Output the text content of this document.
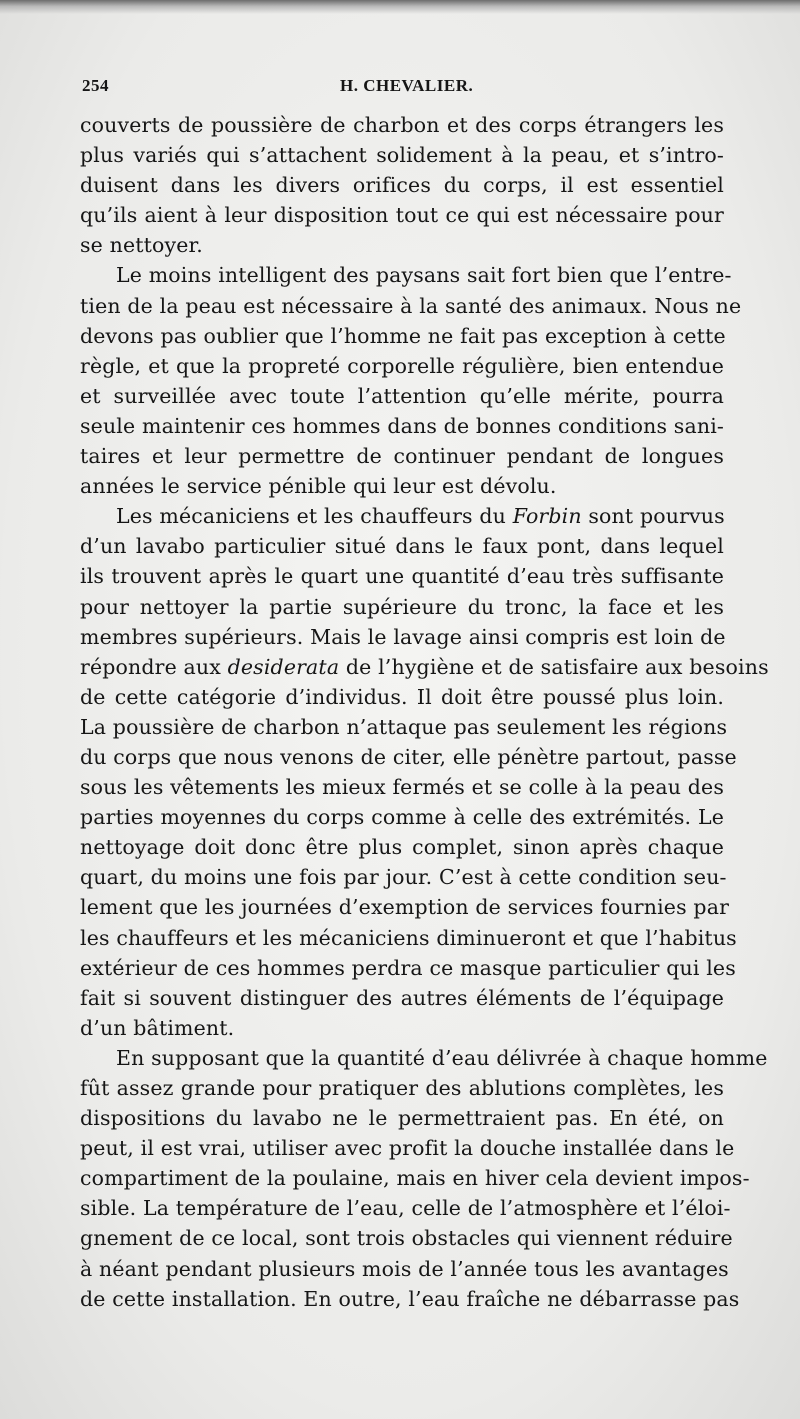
254	H. CHEVALIER.
couverts de poussière de charbon et des corps étrangers les
plus variés qui s’attachent solidement à la peau, et s’intro-
duisent dans les divers orifices du corps, il est essentiel
qu’ils aient à leur disposition tout ce qui est nécessaire pour
se nettoyer.
Le moins intelligent des paysans sait fort bien que l’entre-
tien de la peau est nécessaire à la santé des animaux. Nous ne
devons pas oublier que l’homme ne fait pas exception à cette
règle, et que la propreté corporelle régulière, bien entendue
et surveillée avec toute l’attention qu’elle mérite, pourra
seule maintenir ces hommes dans de bonnes conditions sani-
taires et leur permettre de continuer pendant de longues
années le service pénible qui leur est dévolu.
Les mécaniciens et les chauffeurs du Forbin sont pourvus
d’un lavabo particulier situé dans le faux pont, dans lequel
ils trouvent après le quart une quantité d’eau très suffisante
pour nettoyer la partie supérieure du tronc, la face et les
membres supérieurs. Mais le lavage ainsi compris est loin de
répondre aux desiderata de l’hygiène et de satisfaire aux besoins
de cette catégorie d’individus. Il doit être poussé plus loin.
La poussière de charbon n’attaque pas seulement les régions
du corps que nous venons de citer, elle pénètre partout, passe
sous les vêtements les mieux fermés et se colle à la peau des
parties moyennes du corps comme à celle des extrémités. Le
nettoyage doit donc être plus complet, sinon après chaque
quart, du moins une fois par jour. C’est à cette condition seu-
lement que les journées d’exemption de services fournies par
les chauffeurs et les mécaniciens diminueront et que l’habitus
extérieur de ces hommes perdra ce masque particulier qui les
fait si souvent distinguer des autres éléments de l’équipage
d’un bâtiment.
En supposant que la quantité d’eau délivrée à chaque homme
fût assez grande pour pratiquer des ablutions complètes, les
dispositions du lavabo ne le permettraient pas. En été, on
peut, il est vrai, utiliser avec profit la douche installée dans le
compartiment de la poulaine, mais en hiver cela devient impos-
sible. La température de l’eau, celle de l’atmosphère et l’éloi-
gnement de ce local, sont trois obstacles qui viennent réduire
à néant pendant plusieurs mois de l’année tous les avantages
de cette installation. En outre, l’eau fraîche ne débarrasse pas
